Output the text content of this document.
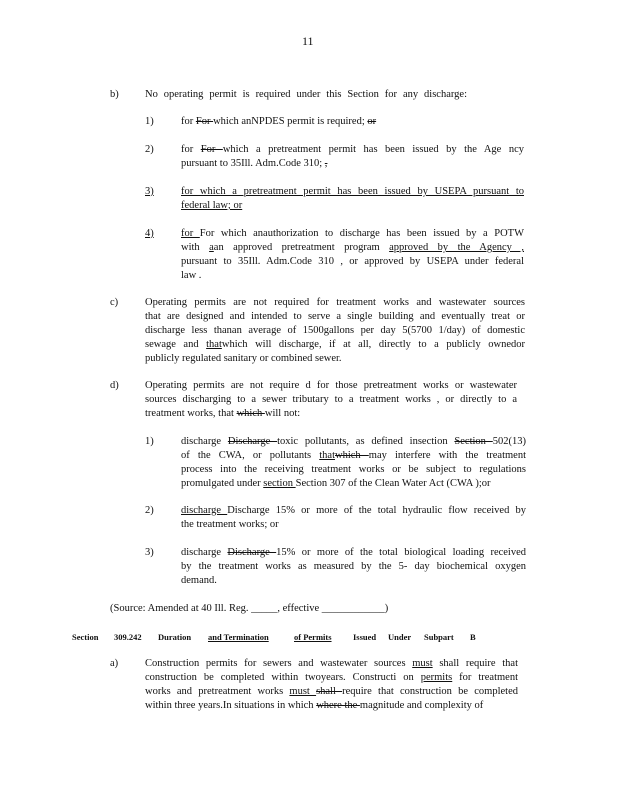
11
b)	No operating permit is required under this Section for any discharge:
1)	for For which anNPDES permit is required; or
2)	for For which a pretreatment permit has been issued by the Age ncy
pursuant to 35Ill. Adm.Code 310; ,
3)	for which a pretreatment permit has been issued by USEPA pursuant to
federal law; or
4)	for For which anauthorization to discharge has been issued by a POTW
with aan approved pretreatment program approved by the Agency ,
pursuant to 35Ill. Adm.Code 310 , or approved by USEPA under federal
law .
c)	Operating permits are not required for treatment works and wastewater sources
that are designed and intended to serve a single building and eventually treat or
discharge less thanan average of 1500gallons per day 5(5700 1/day) of domestic
sewage and thatwhich will discharge, if at all, directly to a publicly ownedor
publicly regulated sanitary or combined sewer.
d)	Operating permits are not require d for those pretreatment works or wastewater
sources discharging to a sewer tributary to a treatment works , or directly to a
treatment works, that which will not:
1)	discharge Discharge toxic pollutants, as defined insection Section 502(13)
of the CWA, or pollutants thatwhich may interfere with the treatment
process into the receiving treatment works or be subject to regulations
promulgated under section Section 307 of the Clean Water Act (CWA );or
2)	discharge Discharge 15% or more of the total hydraulic flow received by
the treatment works; or
3)	discharge Discharge 15% or more of the total biological loading received
by the treatment works as measured by the 5- day biochemical oxygen
demand.
(Source: Amended at 40 Ill. Reg. _____, effective ____________)
Section 309.242 Duration and Termination	of Permits	Issued Under Subpart B
a)	Construction permits for sewers and wastewater sources must shall require that
construction be completed within twoyears. Constructi on permits for treatment
works and pretreatment works must shall require that construction be completed
within three years.In situations in which where the magnitude and complexity of
